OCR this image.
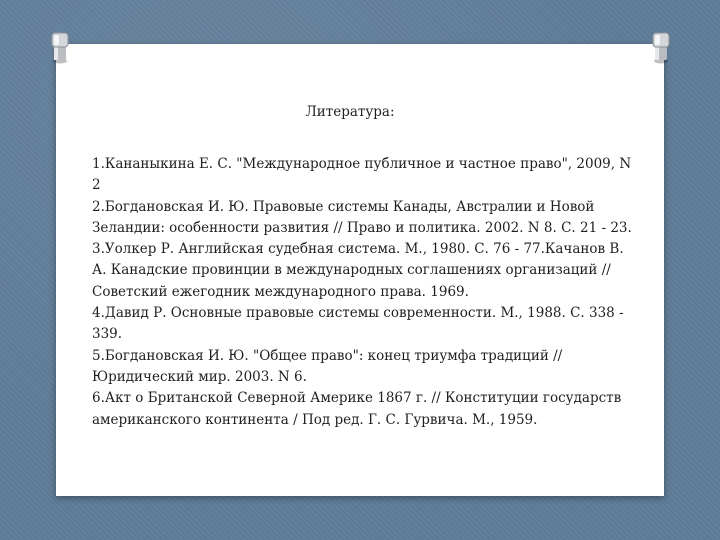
Литература:
1.Кананыкина Е. С. "Международное публичное и частное право", 2009, N 2
2.Богдановская И. Ю. Правовые системы Канады, Австралии и Новой Зеландии: особенности развития // Право и политика. 2002. N 8. С. 21 - 23.
3.Уолкер Р. Английская судебная система. М., 1980. С. 76 - 77.Качанов В. А. Канадские провинции в международных соглашениях организаций // Советский ежегодник международного права. 1969.
4.Давид Р. Основные правовые системы современности. М., 1988. С. 338 - 339.
5.Богдановская И. Ю. "Общее право": конец триумфа традиций // Юридический мир. 2003. N 6.
6.Акт о Британской Северной Америке 1867 г. // Конституции государств американского континента / Под ред. Г. С. Гурвича. М., 1959.
